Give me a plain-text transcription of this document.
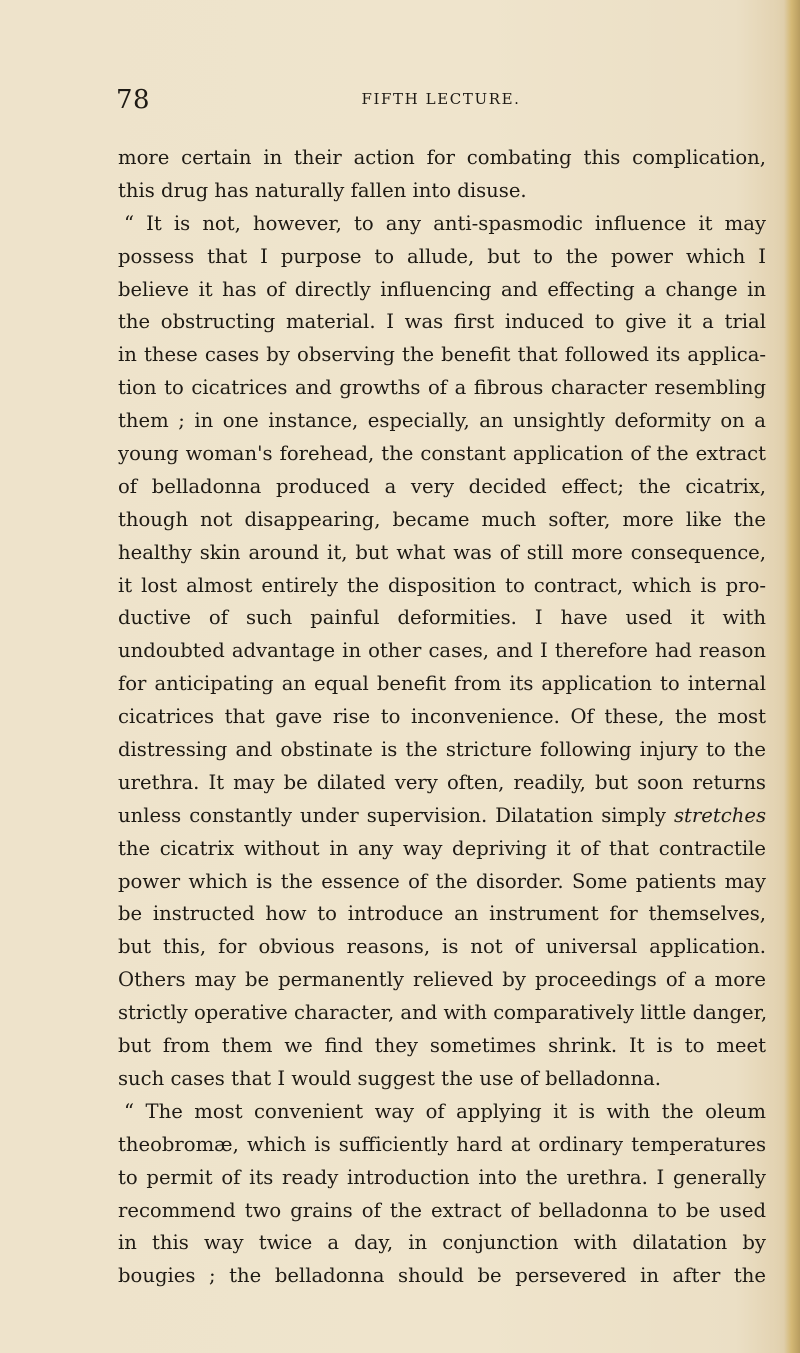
78	FIFTH LECTURE.
more certain in their action for combating this complication,
this drug has naturally fallen into disuse.
“ It is not, however, to any anti-spasmodic influence it may
possess that I purpose to allude, but to the power which I
believe it has of directly influencing and effecting a change in
the obstructing material. I was first induced to give it a trial
in these cases by observing the benefit that followed its applica-
tion to cicatrices and growths of a fibrous character resembling
them ; in one instance, especially, an unsightly deformity on a
young woman's forehead, the constant application of the extract
of belladonna produced a very decided effect; the cicatrix,
though not disappearing, became much softer, more like the
healthy skin around it, but what was of still more consequence,
it lost almost entirely the disposition to contract, which is pro-
ductive of such painful deformities. I have used it with
undoubted advantage in other cases, and I therefore had reason
for anticipating an equal benefit from its application to internal
cicatrices that gave rise to inconvenience. Of these, the most
distressing and obstinate is the stricture following injury to the
urethra. It may be dilated very often, readily, but soon returns
unless constantly under supervision. Dilatation simply stretches
the cicatrix without in any way depriving it of that contractile
power which is the essence of the disorder. Some patients may
be instructed how to introduce an instrument for themselves,
but this, for obvious reasons, is not of universal application.
Others may be permanently relieved by proceedings of a more
strictly operative character, and with comparatively little danger,
but from them we find they sometimes shrink. It is to meet
such cases that I would suggest the use of belladonna.
“ The most convenient way of applying it is with the oleum
theobromæ, which is sufficiently hard at ordinary temperatures
to permit of its ready introduction into the urethra. I generally
recommend two grains of the extract of belladonna to be used
in this way twice a day, in conjunction with dilatation by
bougies ; the belladonna should be persevered in after the
